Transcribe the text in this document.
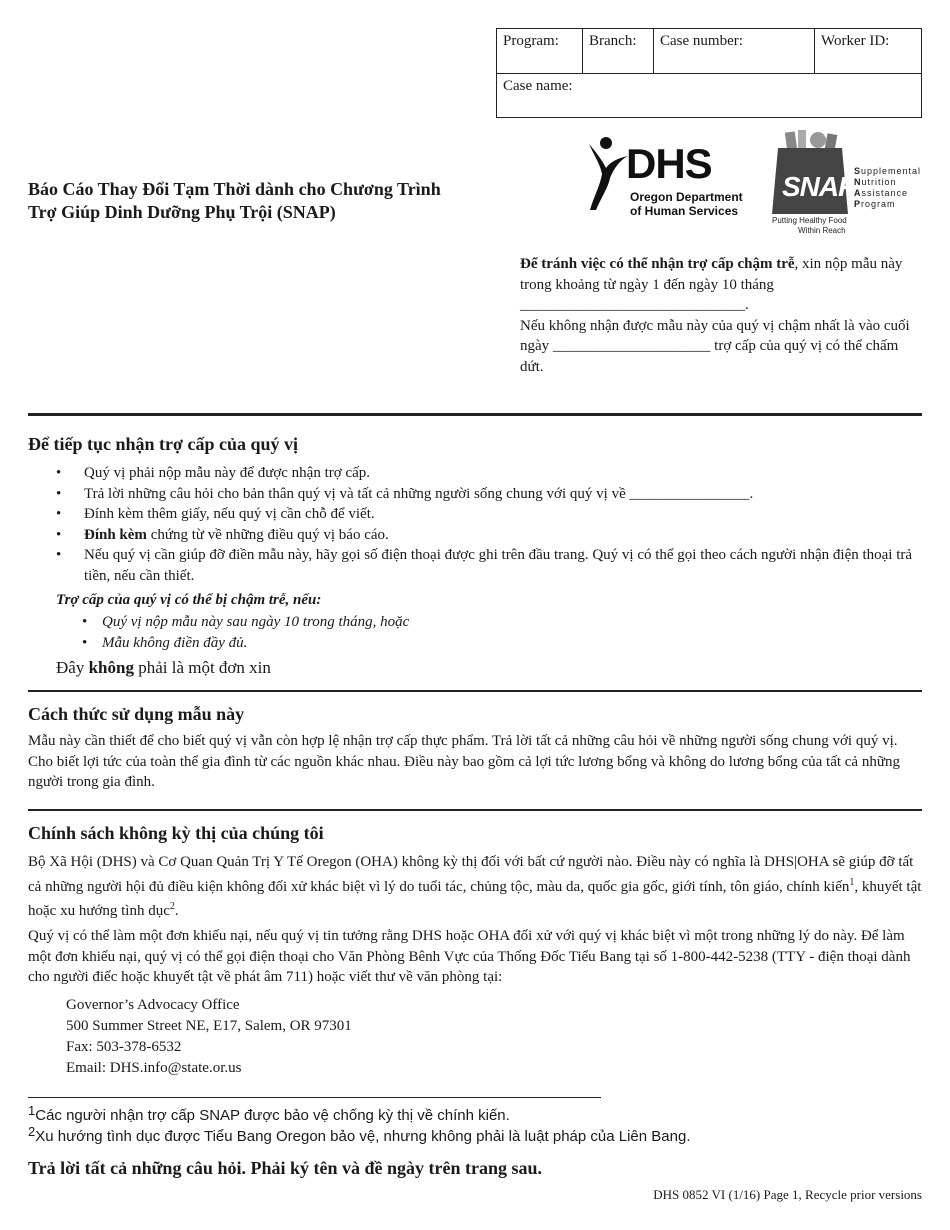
Program:	Branch:	Case number:	Worker ID:
Case name:
Báo Cáo Thay Đổi Tạm Thời dành cho Chương Trình
Trợ Giúp Dinh Dưỡng Phụ Trội (SNAP)
DHS
Oregon Department
of Human Services
SNAP
Supplemental
Nutrition
Assistance
Program
Putting Healthy Food
Within Reach
Để tránh việc có thể nhận trợ cấp chậm trễ, xin nộp mẫu này trong khoảng từ ngày 1 đến ngày 10 tháng ______________________________.
Nếu không nhận được mẫu này của quý vị chậm nhất là vào cuối ngày _____________________ trợ cấp của quý vị có thể chấm dứt.
Để tiếp tục nhận trợ cấp của quý vị
• Quý vị phải nộp mẫu này để được nhận trợ cấp.
• Trả lời những câu hỏi cho bản thân quý vị và tất cả những người sống chung với quý vị về ________________.
• Đính kèm thêm giấy, nếu quý vị cần chỗ để viết.
• Đính kèm chứng từ về những điều quý vị báo cáo.
• Nếu quý vị cần giúp đỡ điền mẫu này, hãy gọi số điện thoại được ghi trên đầu trang. Quý vị có thể gọi theo cách người nhận điện thoại trả tiền, nếu cần thiết.
Trợ cấp của quý vị có thể bị chậm trễ, nếu:
• Quý vị nộp mẫu này sau ngày 10 trong tháng, hoặc
• Mẫu không điền đầy đủ.
Đây không phải là một đơn xin
Cách thức sử dụng mẫu này

Mẫu này cần thiết để cho biết quý vị vẫn còn hợp lệ nhận trợ cấp thực phẩm. Trả lời tất cả những câu hỏi về những người sống chung với quý vị. Cho biết lợi tức của toàn thể gia đình từ các nguồn khác nhau. Điều này bao gồm cả lợi tức lương bổng và không do lương bổng của tất cả những người trong gia đình.

Chính sách không kỳ thị của chúng tôi

Bộ Xã Hội (DHS) và Cơ Quan Quản Trị Y Tế Oregon (OHA) không kỳ thị đối với bất cứ người nào. Điều này có nghĩa là DHS|OHA sẽ giúp đỡ tất cả những người hội đủ điều kiện không đối xử khác biệt vì lý do tuổi tác, chủng tộc, màu da, quốc gia gốc, giới tính, tôn giáo, chính kiến$^1$, khuyết tật hoặc xu hướng tình dục$^2$.

Quý vị có thể làm một đơn khiếu nại, nếu quý vị tin tưởng rằng DHS hoặc OHA đối xử với quý vị khác biệt vì một trong những lý do này. Để làm một đơn khiếu nại, quý vị có thể gọi điện thoại cho Văn Phòng Bênh Vực của Thống Đốc Tiểu Bang tại số 1-800-442-5238 (TTY - điện thoại dành cho người điếc hoặc khuyết tật về phát âm 711) hoặc viết thư về văn phòng tại:

Governor’s Advocacy Office
500 Summer Street NE, E17, Salem, OR 97301
Fax: 503-378-6532
Email: DHS.info@state.or.us
$^1$Các người nhận trợ cấp SNAP được bảo vệ chống kỳ thị về chính kiến.
$^2$Xu hướng tình dục được Tiểu Bang Oregon bảo vệ, nhưng không phải là luật pháp của Liên Bang.
Trả lời tất cả những câu hỏi. Phải ký tên và đề ngày trên trang sau.
DHS 0852 VI (1/16) Page 1, Recycle prior versions
